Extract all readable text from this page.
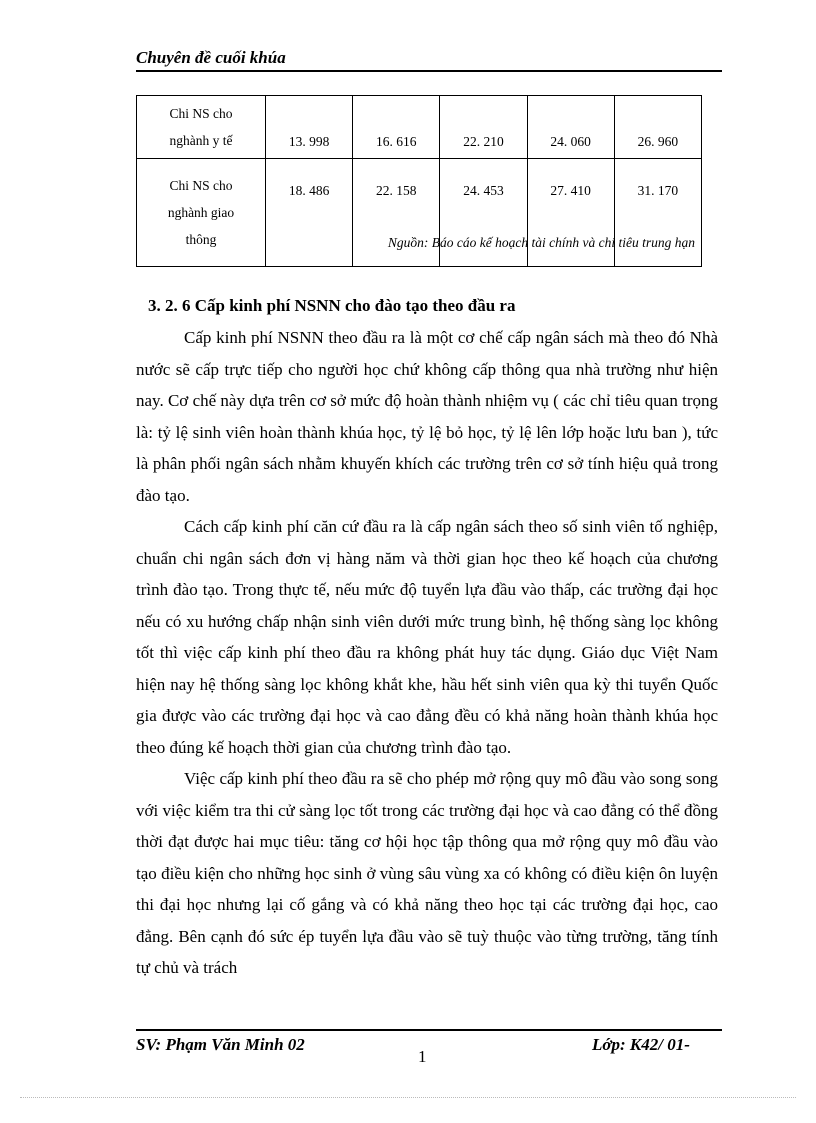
Chuyên đề cuối khúa
Chi NS cho
nghành y tế	13. 998	16. 616	22. 210	24. 060	26. 960

Chi NS cho
nghành giao
thông	18. 486	22. 158	24. 453	27. 410	31. 170
Nguồn: Báo cáo kế hoạch tài chính và chi tiêu trung hạn
3. 2. 6 Cấp kinh phí NSNN cho đào tạo theo đầu ra

Cấp kinh phí NSNN theo đầu ra là một cơ chế cấp ngân sách mà theo đó Nhà nước sẽ cấp trực tiếp cho người học chứ không cấp thông qua nhà trường như hiện nay. Cơ chế này dựa trên cơ sở mức độ hoàn thành nhiệm vụ ( các chỉ tiêu quan trọng là: tỷ lệ sinh viên hoàn thành khúa học, tỷ lệ bỏ học, tỷ lệ lên lớp hoặc lưu ban ), tức là phân phối ngân sách nhằm khuyến khích các trường trên cơ sở tính hiệu quả trong đào tạo.

Cách cấp kinh phí căn cứ đầu ra là cấp ngân sách theo số sinh viên tố nghiệp, chuẩn chi ngân sách đơn vị hàng năm và thời gian học theo kế hoạch của chương trình đào tạo. Trong thực tế, nếu mức độ tuyển lựa đầu vào thấp, các trường đại học nếu có xu hướng chấp nhận sinh viên dưới mức trung bình, hệ thống sàng lọc không tốt thì việc cấp kinh phí theo đầu ra không phát huy tác dụng. Giáo dục Việt Nam hiện nay hệ thống sàng lọc không khắt khe, hầu hết sinh viên qua kỳ thi tuyển Quốc gia được vào các trường đại học và cao đẳng đều có khả năng hoàn thành khúa học theo đúng kế hoạch thời gian của chương trình đào tạo.

Việc cấp kinh phí theo đầu ra sẽ cho phép mở rộng quy mô đầu vào song song với việc kiểm tra thi cử sàng lọc tốt trong các trường đại học và cao đẳng có thể đồng thời đạt được hai mục tiêu: tăng cơ hội học tập thông qua mở rộng quy mô đầu vào tạo điều kiện cho những học sinh ở vùng sâu vùng xa có không có điều kiện ôn luyện thi đại học nhưng lại cố gắng và có khả năng theo học tại các trường đại học, cao đẳng. Bên cạnh đó sức ép tuyển lựa đầu vào sẽ tuỳ thuộc vào từng trường, tăng tính tự chủ và trách

SV: Phạm Văn Minh 02
1
Lớp: K42/ 01-
